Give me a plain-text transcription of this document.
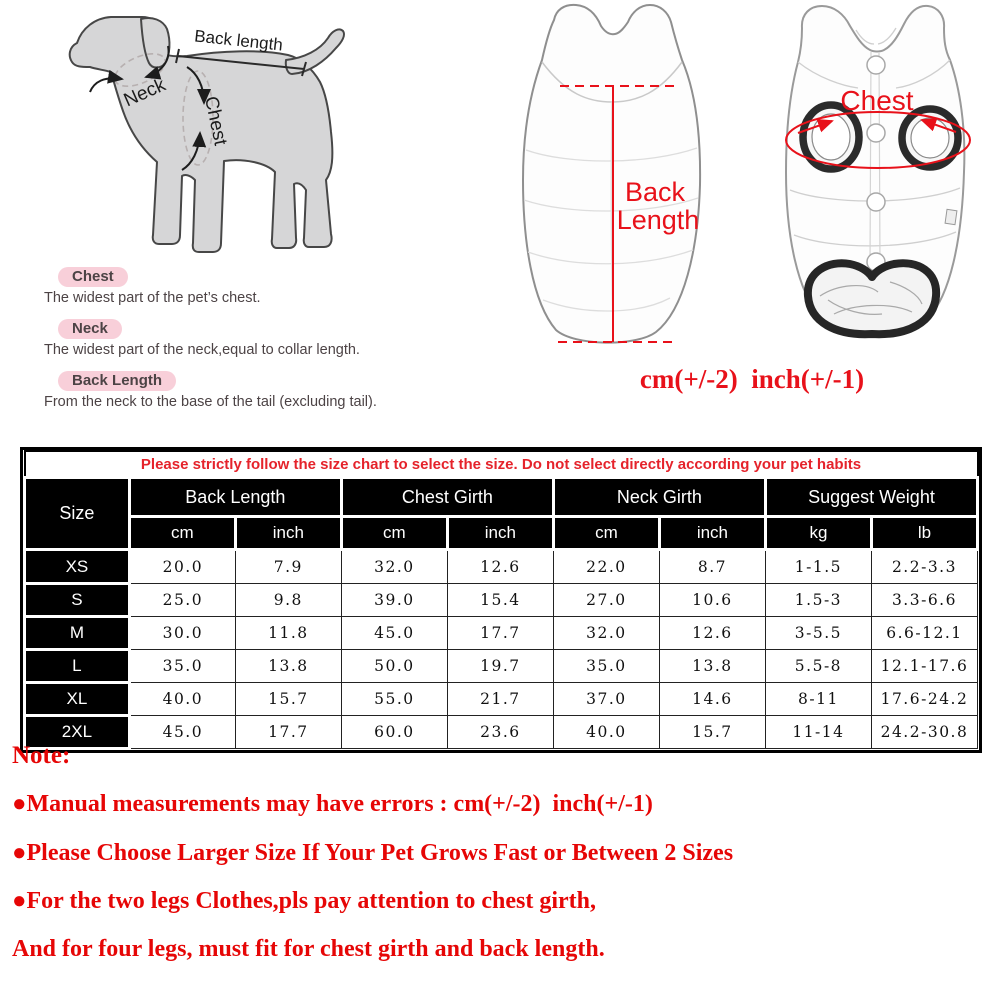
Back length
Neck
Chest
Chest
The widest part of the pet’s chest.
Neck
The widest part of the neck,equal to collar length.
Back Length
From the neck to the base of the tail (excluding tail).
Back
Length
Chest
cm(+/-2)  inch(+/-1)
Please strictly follow the size chart to select the size. Do not select directly according your pet habits								
Size	Back Length		Chest Girth		Neck Girth		Suggest Weight	
	cm	inch	cm	inch	cm	inch	kg	lb
XS	20.0	7.9	32.0	12.6	22.0	8.7	1-1.5	2.2-3.3
S	25.0	9.8	39.0	15.4	27.0	10.6	1.5-3	3.3-6.6
M	30.0	11.8	45.0	17.7	32.0	12.6	3-5.5	6.6-12.1
L	35.0	13.8	50.0	19.7	35.0	13.8	5.5-8	12.1-17.6
XL	40.0	15.7	55.0	21.7	37.0	14.6	8-11	17.6-24.2
2XL	45.0	17.7	60.0	23.6	40.0	15.7	11-14	24.2-30.8
Note:
●Manual measurements may have errors : cm(+/-2)  inch(+/-1)
●Please Choose Larger Size If Your Pet Grows Fast or Between 2 Sizes
●For the two legs Clothes,pls pay attention to chest girth,
And for four legs, must fit for chest girth and back length.
